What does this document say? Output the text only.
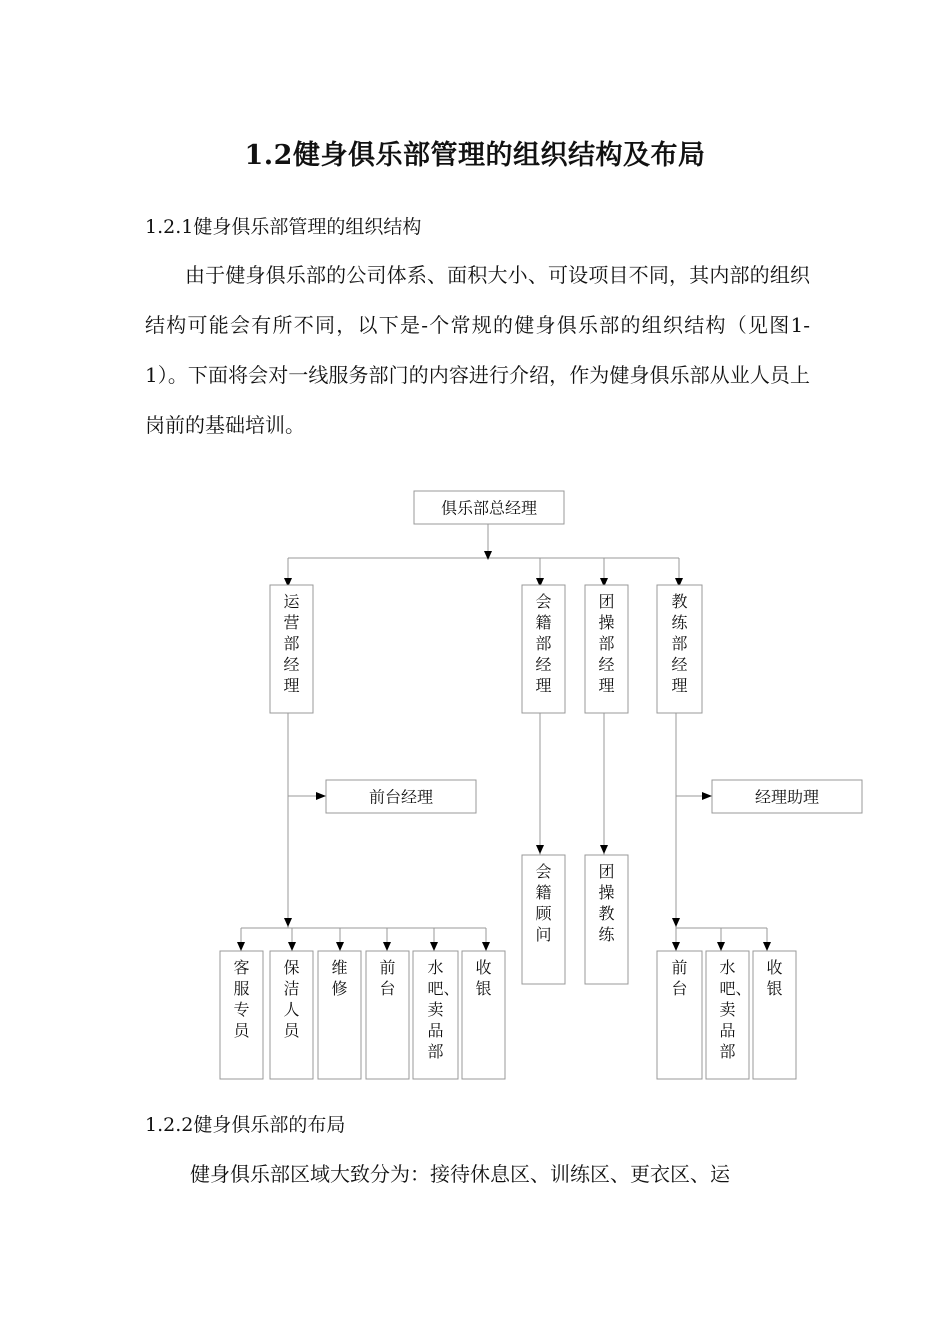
1.2健身俱乐部管理的组织结构及布局
1.2.1健身俱乐部管理的组织结构

由于健身俱乐部的公司体系、面积大小、可设项目不同，其内部的组织结构可能会有所不同，以下是-个常规的健身俱乐部的组织结构（见图1-1）。下面将会对一线服务部门的内容进行介绍，作为健身俱乐部从业人员上岗前的基础培训。

俱乐部总经理
运营部经理
会籍部经理
团操部经理
教练部经理
前台经理	经理助理
会籍顾问
团操教练
客服专员
保洁人员
维修
前台
水吧、卖品部
收银
前台
水吧、卖品部
收银
1.2.2健身俱乐部的布局

健身俱乐部区域大致分为：接待休息区、训练区、更衣区、运
